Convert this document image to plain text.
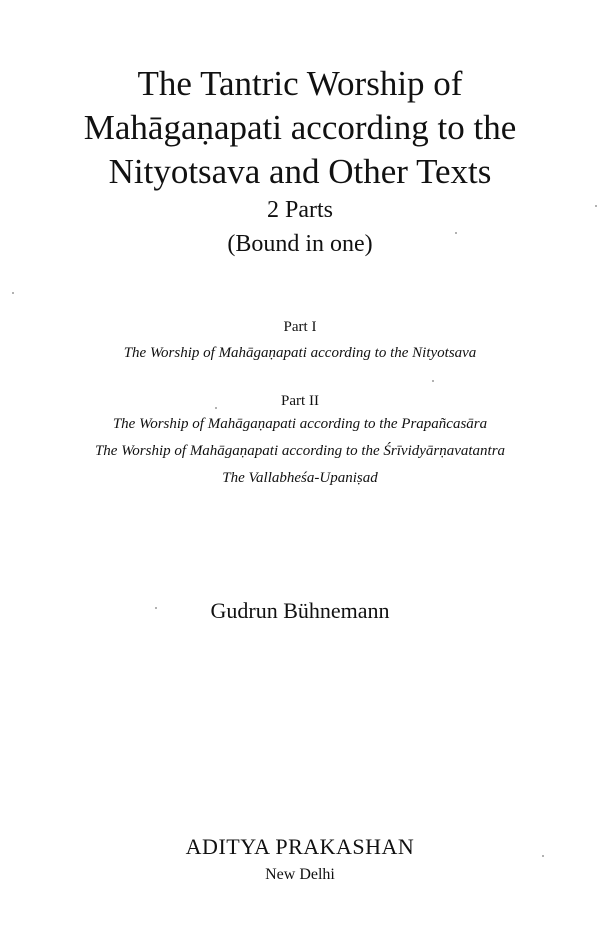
The Tantric Worship of
Mahāgaṇapati according to the
Nityotsava and Other Texts
2 Parts
(Bound in one)
Part I
The Worship of Mahāgaṇapati according to the Nityotsava
Part II
The Worship of Mahāgaṇapati according to the Prapañcasāra
The Worship of Mahāgaṇapati according to the Śrīvidyārṇavatantra
The Vallabheśa-Upaniṣad
Gudrun Bühnemann
ADITYA PRAKASHAN
New Delhi
